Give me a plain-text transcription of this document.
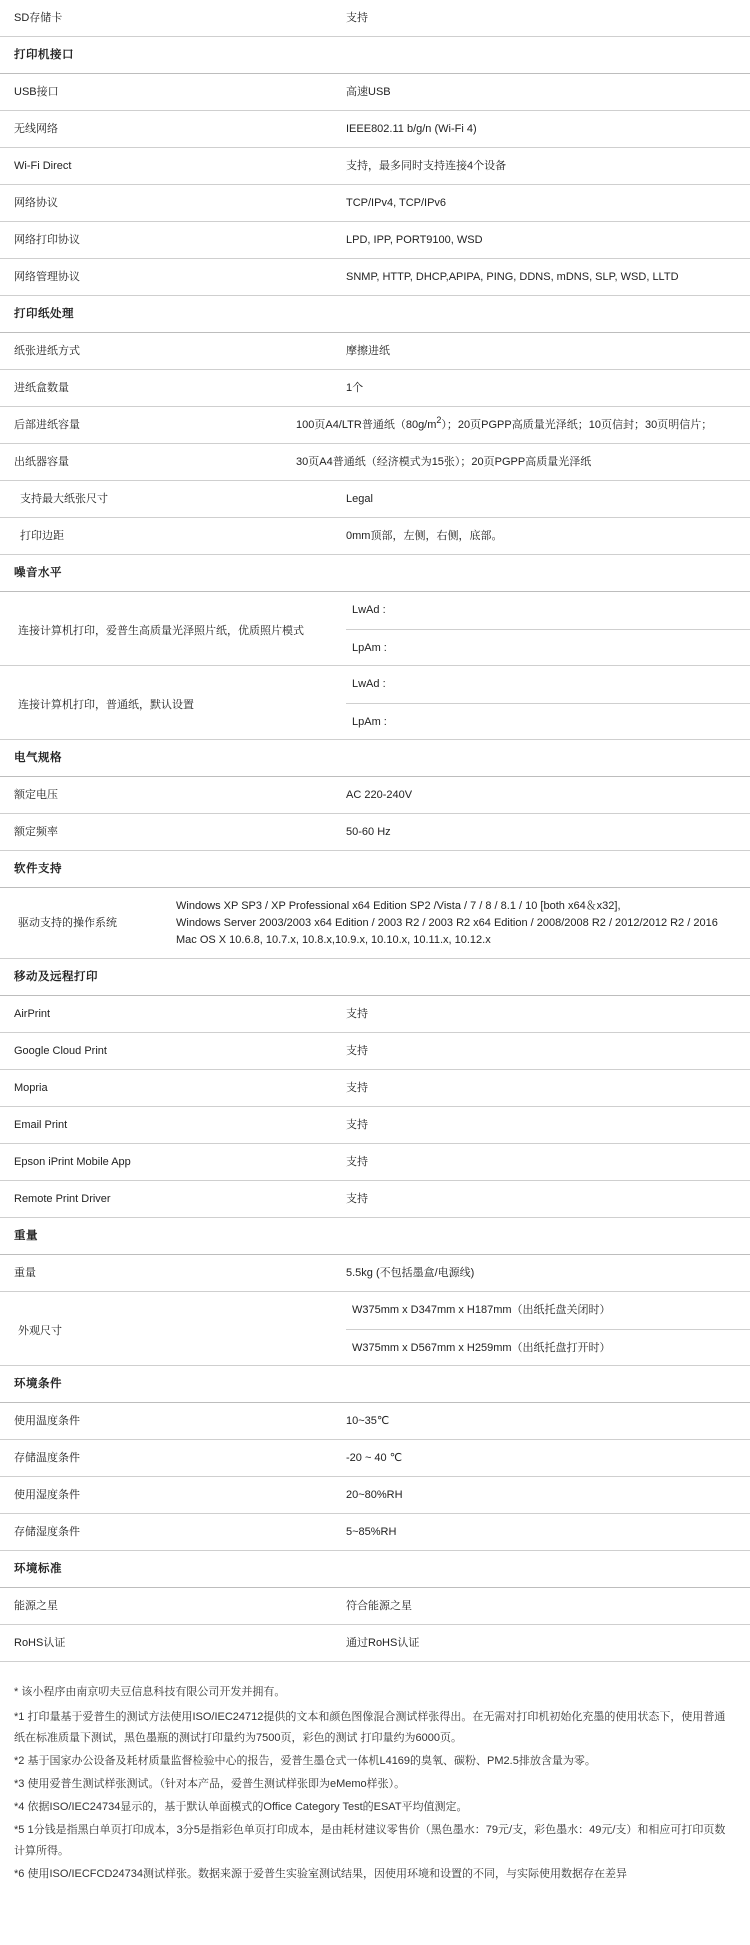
SD存储卡	支持
打印机接口
USB接口	高速USB
无线网络	IEEE802.11 b/g/n (Wi-Fi 4)
Wi-Fi Direct	支持，最多同时支持连接4个设备
网络协议	TCP/IPv4, TCP/IPv6
网络打印协议	LPD, IPP, PORT9100, WSD
网络管理协议	SNMP, HTTP, DHCP,APIPA, PING, DDNS, mDNS, SLP, WSD, LLTD
打印纸处理
纸张进纸方式	摩擦进纸
进纸盒数量	1个
后部进纸容量	100页A4/LTR普通纸$(80g/m^2)$；20页PGPP高质量光泽纸；10页信封；30页明信片；
出纸器容量	30页A4普通纸（经济模式为15张）；20页PGPP高质量光泽纸
支持最大纸张尺寸	Legal
打印边距	0mm顶部，左侧，右侧，底部。
噪音水平
连接计算机打印，爱普生高质量光泽照片纸，优质照片模式
LwAd :
LpAm :
连接计算机打印，普通纸，默认设置
LwAd :
LpAm :
电气规格
额定电压	AC 220-240V
额定频率	50-60 Hz
软件支持
驱动支持的操作系统
Windows XP SP3 / XP Professional x64 Edition SP2 /Vista / 7 / 8 / 8.1 / 10 [both x64＆x32],
Windows Server 2003/2003 x64 Edition / 2003 R2 / 2003 R2 x64 Edition / 2008/2008 R2 / 2012/2012 R2 / 2016
Mac OS X 10.6.8, 10.7.x, 10.8.x,10.9.x, 10.10.x, 10.11.x, 10.12.x
移动及远程打印
AirPrint	支持
Google Cloud Print	支持
Mopria	支持
Email Print	支持
Epson iPrint Mobile App	支持
Remote Print Driver	支持
重量
重量	5.5kg (不包括墨盒/电源线)
外观尺寸
W375mm x D347mm x H187mm（出纸托盘关闭时）
W375mm x D567mm x H259mm（出纸托盘打开时）
环境条件
使用温度条件	10~35℃
存储温度条件	-20 ~ 40 ℃
使用湿度条件	20~80%RH
存储湿度条件	5~85%RH
环境标准
能源之星	符合能源之星
RoHS认证	通过RoHS认证

* 该小程序由南京叨夫豆信息科技有限公司开发并拥有。

*1 打印量基于爱普生的测试方法使用ISO/IEC24712提供的文本和颜色图像混合测试样张得出。在无需对打印机初始化充墨的使用状态下，使用普通纸在标准质量下测试，黑色墨瓶的测试打印量约为7500页，彩色的测试 打印量约为6000页。

*2 基于国家办公设备及耗材质量监督检验中心的报告，爱普生墨仓式一体机L4169的臭氧、碳粉、PM2.5排放含量为零。

*3 使用爱普生测试样张测试。（针对本产品，爱普生测试样张即为eMemo样张）。

*4 依据ISO/IEC24734显示的，基于默认单面模式的Office Category Test的ESAT平均值测定。

*5 1分钱是指黑白单页打印成本，3分5是指彩色单页打印成本，是由耗材建议零售价（黑色墨水：79元/支，彩色墨水：49元/支）和相应可打印页数计算所得。

*6 使用ISO/IECFCD24734测试样张。数据来源于爱普生实验室测试结果，因使用环境和设置的不同，与实际使用数据存在差异
